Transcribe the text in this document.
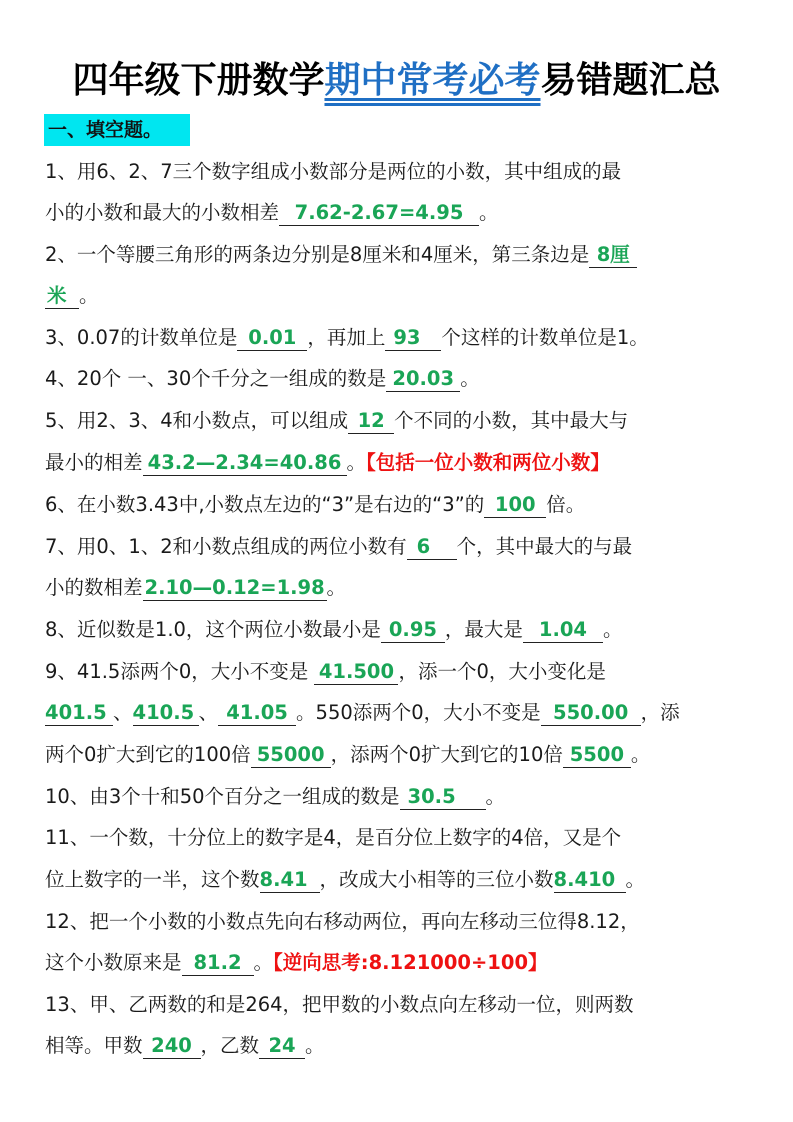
四年级下册数学期中常考必考易错题汇总
一、填空题。
1、用6、2、7三个数字组成小数部分是两位的小数，其中组成的最
小的小数和最大的小数相差 7.62-2.67=4.95 。
2、一个等腰三角形的两条边分别是8厘米和4厘米，第三条边是 8厘
米 。
3、0.07的计数单位是 0.01 ，再加上 93 个这样的计数单位是1。
4、20个 一、30个千分之一组成的数是 20.03 。
5、用2、3、4和小数点，可以组成 12 个不同的小数，其中最大与
最小的相差 43.2—2.34=40.86 。【包括一位小数和两位小数】
6、在小数3.43中,小数点左边的“3”是右边的“3”的 100 倍。
7、用0、1、2和小数点组成的两位小数有 6 个，其中最大的与最
小的数相差 2.10—0.12=1.98。
8、近似数是1.0，这个两位小数最小是 0.95 ，最大是 1.04 。
9、41.5添两个0，大小不变是 41.500 ，添一个0，大小变化是
401.5 、410.5 、 41.05 。550添两个0，大小不变是 550.00 ，添
两个0扩大到它的100倍 55000 ，添两个0扩大到它的10倍 5500 。
10、由3个十和50个百分之一组成的数是 30.5 。
11、一个数，十分位上的数字是4，是百分位上数字的4倍，又是个
位上数字的一半，这个数8.41 ，改成大小相等的三位小数8.410 。
12、把一个小数的小数点先向右移动两位，再向左移动三位得8.12，
这个小数原来是 81.2 。【逆向思考:8.121000÷100】
13、甲、乙两数的和是264，把甲数的小数点向左移动一位，则两数
相等。甲数 240 ，乙数 24 。
